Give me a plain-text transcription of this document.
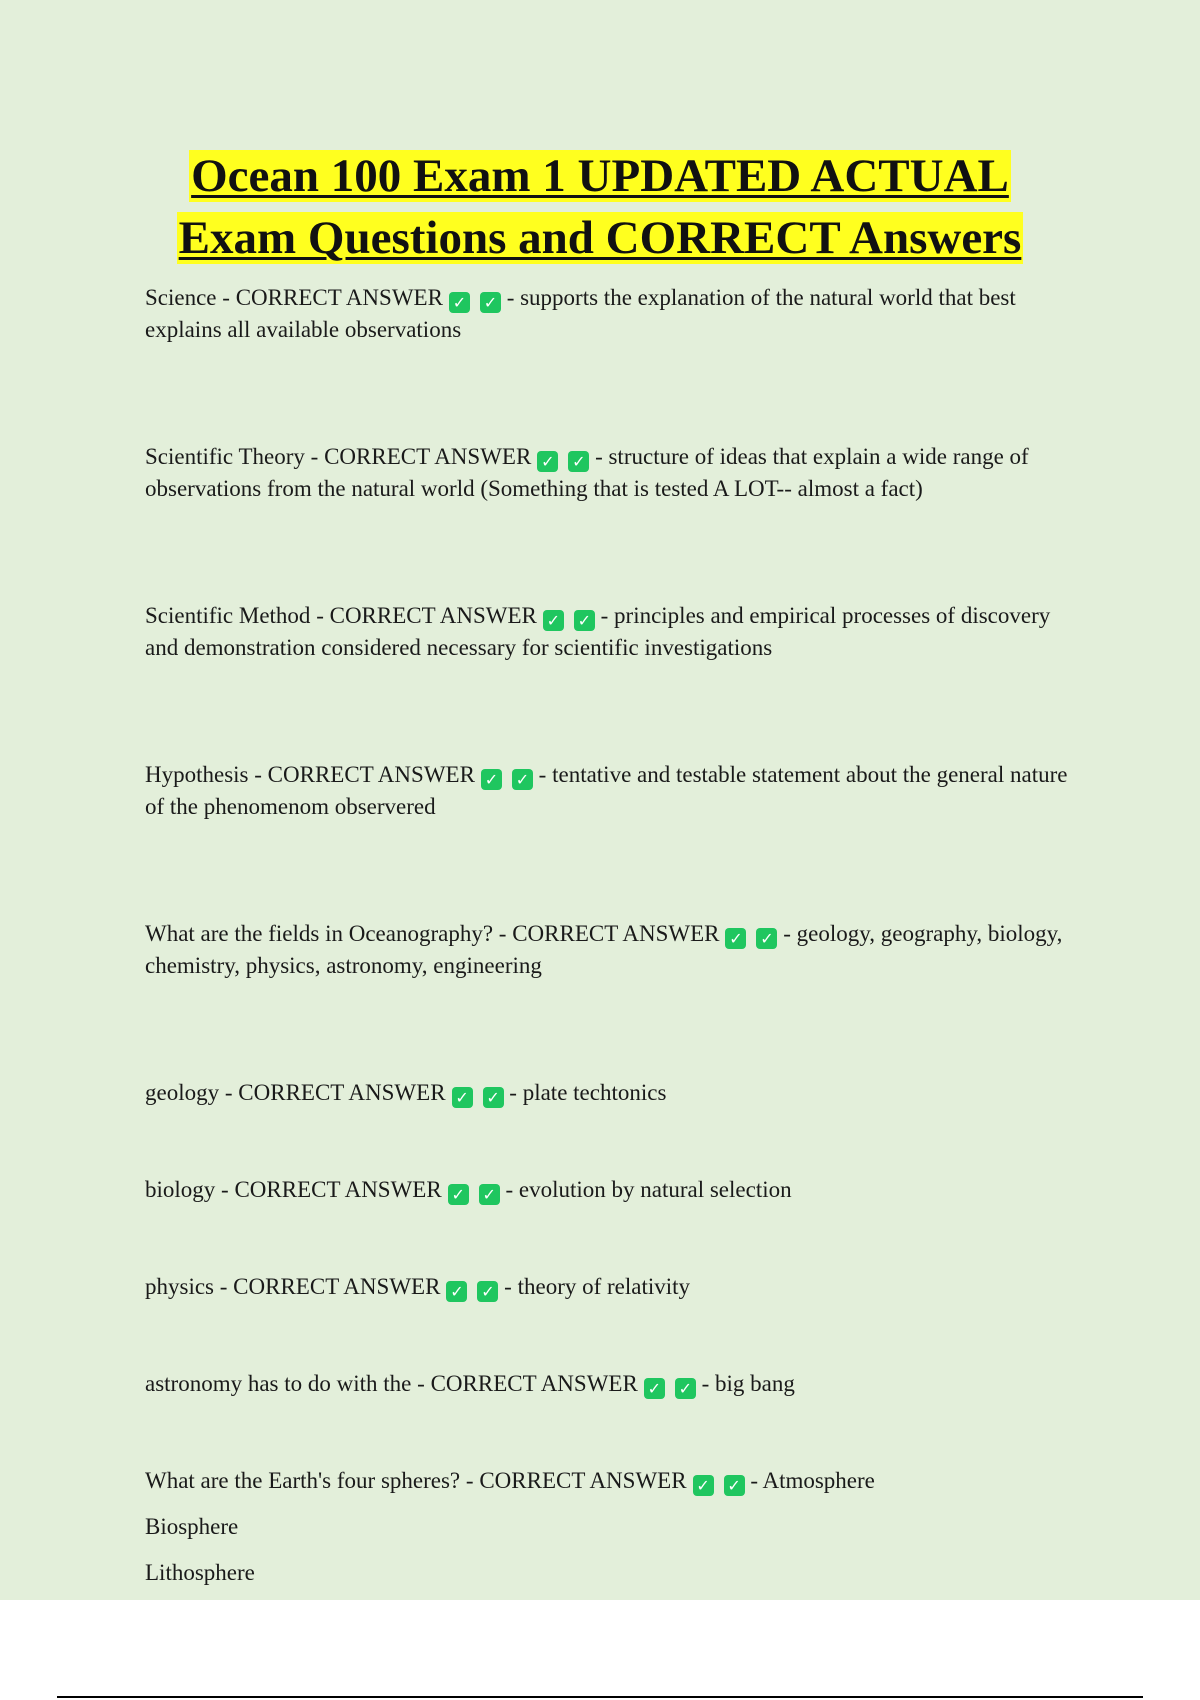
Ocean 100 Exam 1 UPDATED ACTUAL
Exam Questions and CORRECT Answers
Science - CORRECT ANSWER ✓ ✓ - supports the explanation of the natural world that best explains all available observations
Scientific Theory - CORRECT ANSWER ✓ ✓ - structure of ideas that explain a wide range of observations from the natural world (Something that is tested A LOT-- almost a fact)
Scientific Method - CORRECT ANSWER ✓ ✓ - principles and empirical processes of discovery and demonstration considered necessary for scientific investigations
Hypothesis - CORRECT ANSWER ✓ ✓ - tentative and testable statement about the general nature of the phenomenom observered
What are the fields in Oceanography? - CORRECT ANSWER ✓ ✓ - geology, geography, biology, chemistry, physics, astronomy, engineering
geology - CORRECT ANSWER ✓ ✓ - plate techtonics
biology - CORRECT ANSWER ✓ ✓ - evolution by natural selection
physics - CORRECT ANSWER ✓ ✓ - theory of relativity
astronomy has to do with the - CORRECT ANSWER ✓ ✓ - big bang
What are the Earth's four spheres? - CORRECT ANSWER ✓ ✓ - Atmosphere
Biosphere
Lithosphere
